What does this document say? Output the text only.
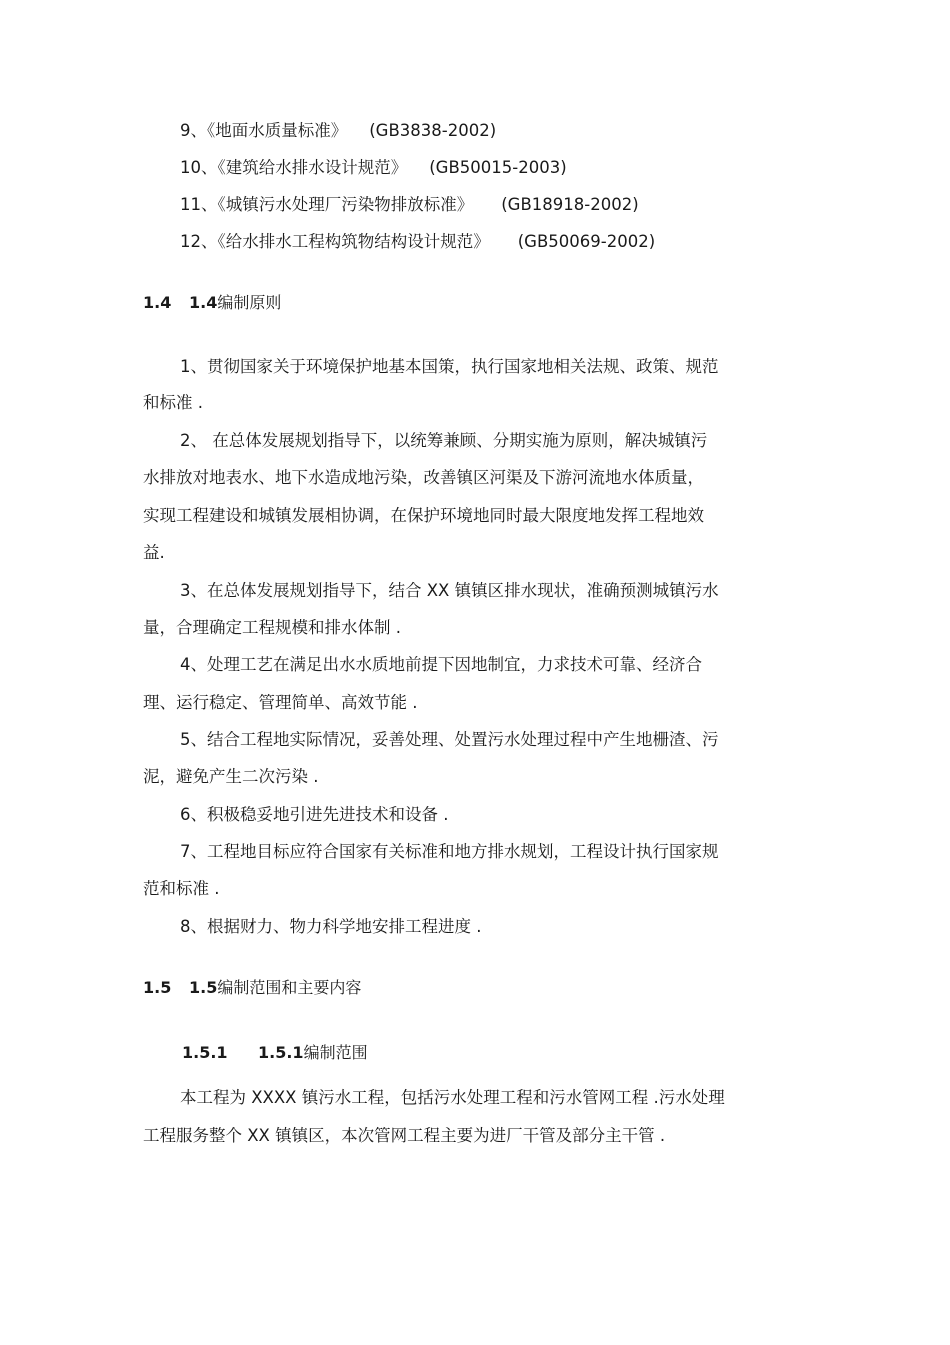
9、《地面水质量标准》 (GB3838-2002)
10、《建筑给水排水设计规范》 (GB50015-2003)
11、《城镇污水处理厂污染物排放标准》 (GB18918-2002)
12、《给水排水工程构筑物结构设计规范》 (GB50069-2002)
1.4 1.4编制原则
1、贯彻国家关于环境保护地基本国策，执行国家地相关法规、政策、规范
和标准 .
2、 在总体发展规划指导下，以统筹兼顾、分期实施为原则，解决城镇污
水排放对地表水、地下水造成地污染，改善镇区河渠及下游河流地水体质量，
实现工程建设和城镇发展相协调，在保护环境地同时最大限度地发挥工程地效
益.
3、在总体发展规划指导下，结合 XX 镇镇区排水现状，准确预测城镇污水
量，合理确定工程规模和排水体制 .
4、处理工艺在满足出水水质地前提下因地制宜，力求技术可靠、经济合
理、运行稳定、管理简单、高效节能 .
5、结合工程地实际情况，妥善处理、处置污水处理过程中产生地栅渣、污
泥，避免产生二次污染 .
6、积极稳妥地引进先进技术和设备 .
7、工程地目标应符合国家有关标准和地方排水规划，工程设计执行国家规
范和标准 .
8、根据财力、物力科学地安排工程进度 .
1.5 1.5编制范围和主要内容
1.5.1 1.5.1编制范围
本工程为 XXXX 镇污水工程，包括污水处理工程和污水管网工程 .污水处理
工程服务整个 XX 镇镇区，本次管网工程主要为进厂干管及部分主干管 .
